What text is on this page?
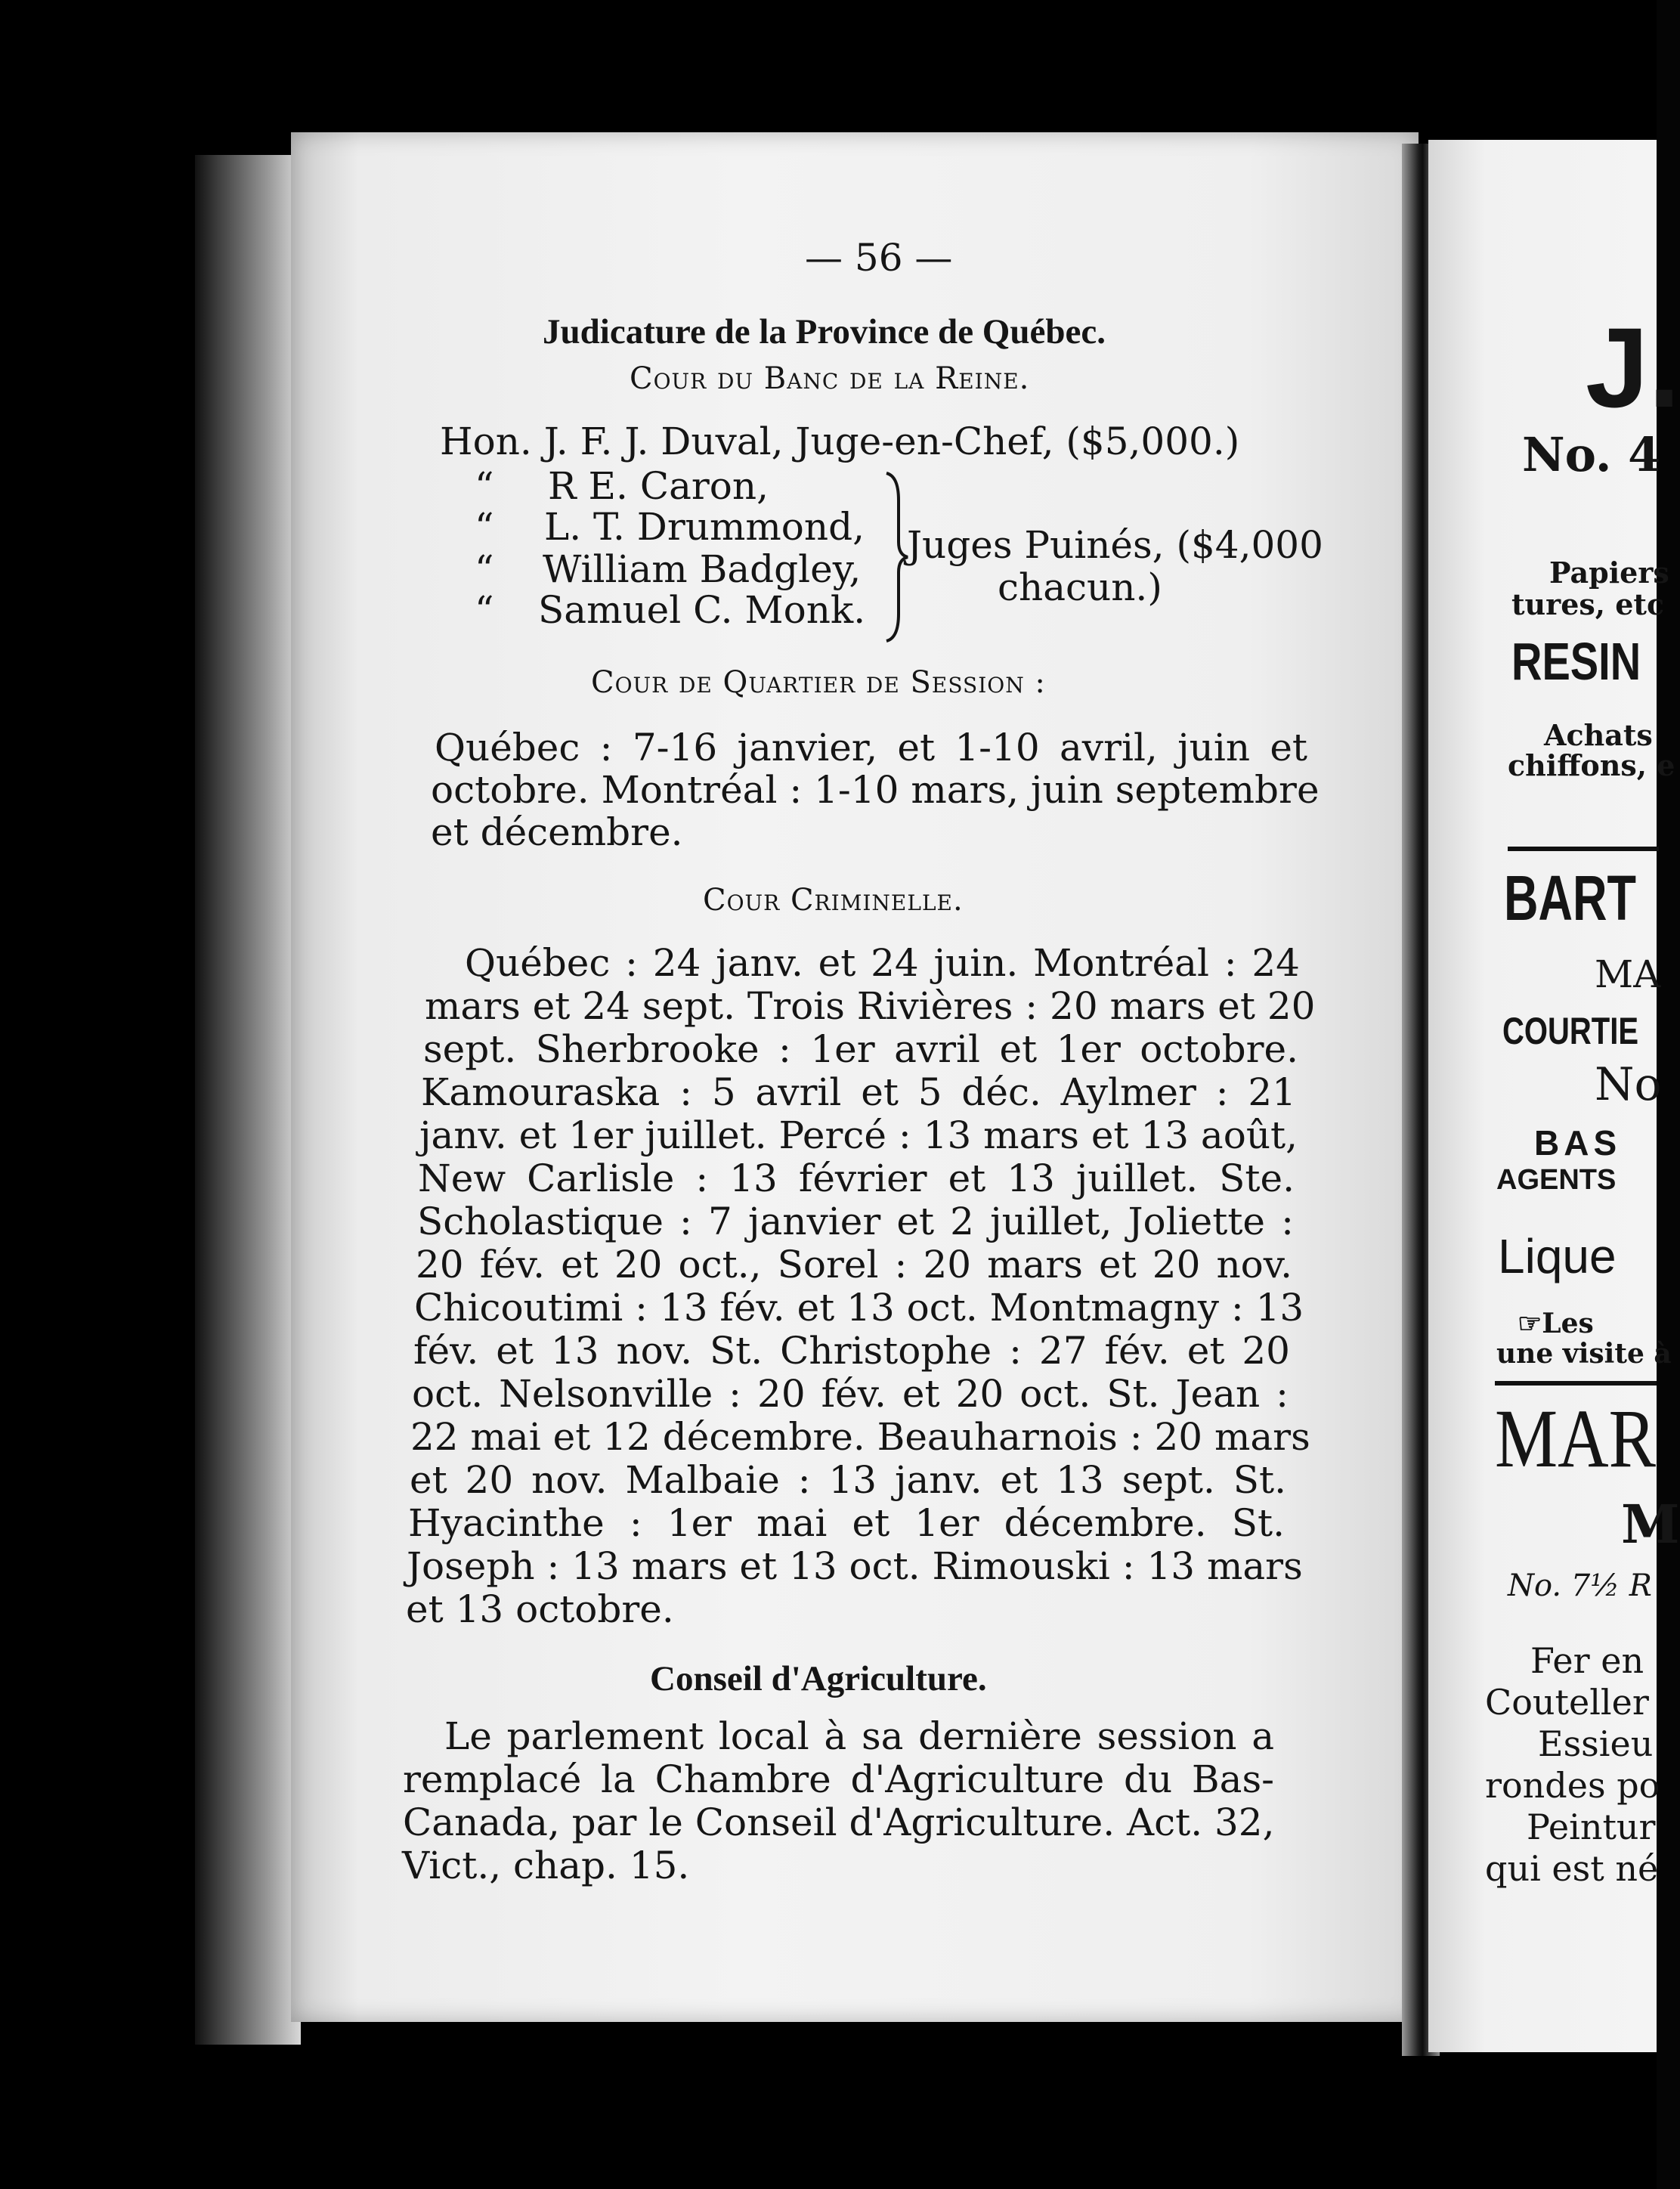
— 56 —
Judicature de la Province de Québec.
Cour du Banc de la Reine.
Hon. J. F. J. Duval, Juge-en-Chef, ($5,000.)
“ R E. Caron,
“ L. T. Drummond,
“ William Badgley,
“ Samuel C. Monk.
Juges Puinés, ($4,000
chacun.)
Cour de Quartier de Session :
Québec : 7-16 janvier, et 1-10 avril, juin et
octobre. Montréal : 1-10 mars, juin septembre
et décembre.
Cour Criminelle.
Québec : 24 janv. et 24 juin. Montréal : 24
mars et 24 sept. Trois Rivières : 20 mars et 20
sept. Sherbrooke : 1er avril et 1er octobre.
Kamouraska : 5 avril et 5 déc. Aylmer : 21
janv. et 1er juillet. Percé : 13 mars et 13 août,
New Carlisle : 13 février et 13 juillet. Ste.
Scholastique : 7 janvier et 2 juillet, Joliette :
20 fév. et 20 oct., Sorel : 20 mars et 20 nov.
Chicoutimi : 13 fév. et 13 oct. Montmagny : 13
fév. et 13 nov. St. Christophe : 27 fév. et 20
oct. Nelsonville : 20 fév. et 20 oct. St. Jean :
22 mai et 12 décembre. Beauharnois : 20 mars
et 20 nov. Malbaie : 13 janv. et 13 sept. St.
Hyacinthe : 1er mai et 1er décembre. St.
Joseph : 13 mars et 13 oct. Rimouski : 13 mars
et 13 octobre.
Conseil d'Agriculture.
Le parlement local à sa dernière session a
remplacé la Chambre d'Agriculture du Bas-
Canada, par le Conseil d'Agriculture. Act. 32,
Vict., chap. 15.
J.
No. 4
Papiers
tures, etc
RESIN
Achats
chiffons, e
BART
MA
COURTIE
No
BAS
AGENTS
Lique
☞Les
une visite à
MAR
M
No. 7½ R
Fer en
Couteller
Essieu
rondes po
Peintur
qui est né
